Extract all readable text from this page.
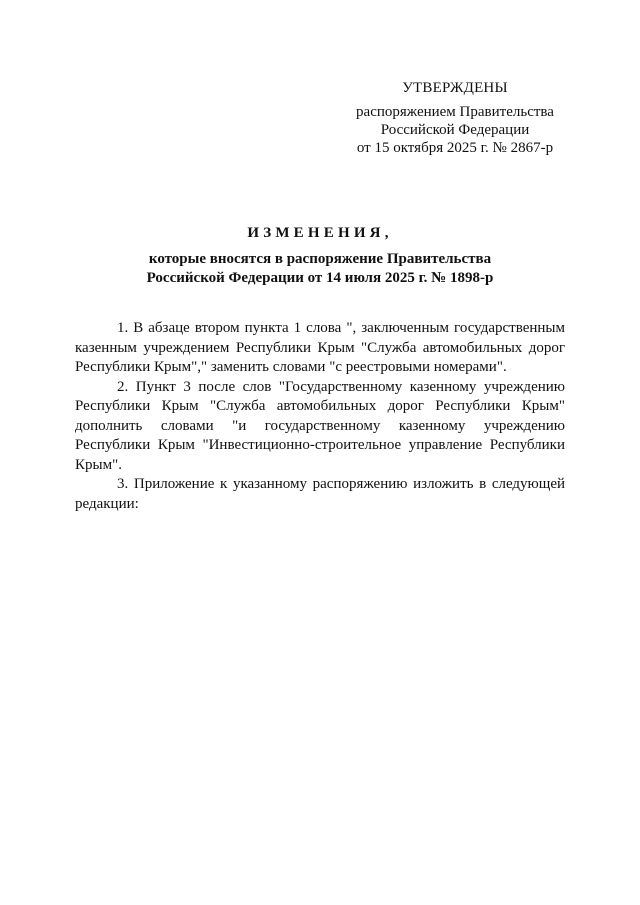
УТВЕРЖДЕНЫ
распоряжением Правительства
Российской Федерации
от 15 октября 2025 г. № 2867-р
ИЗМЕНЕНИЯ,
которые вносятся в распоряжение Правительства
Российской Федерации от 14 июля 2025 г. № 1898-р

1. В абзаце втором пункта 1 слова ", заключенным государственным казенным учреждением Республики Крым "Служба автомобильных дорог Республики Крым"," заменить словами "с реестровыми номерами".

2. Пункт 3 после слов "Государственному казенному учреждению Республики Крым "Служба автомобильных дорог Республики Крым" дополнить словами "и государственному казенному учреждению Республики Крым "Инвестиционно-строительное управление Республики Крым".

3. Приложение к указанному распоряжению изложить в следующей редакции:
